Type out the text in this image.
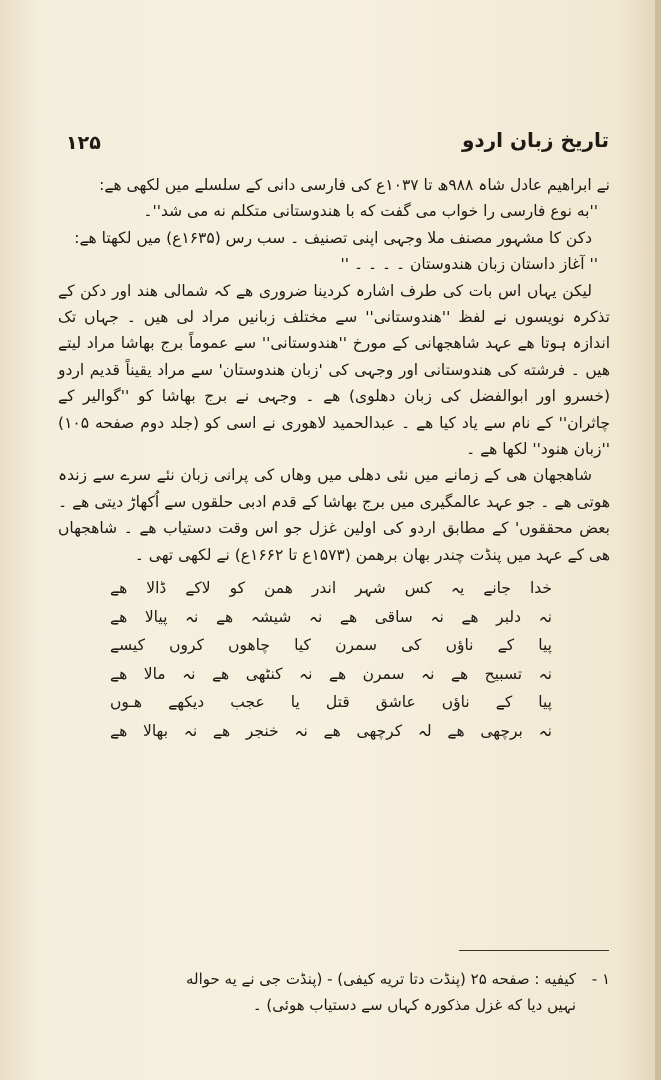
۱۲۵	تاریخ زبان اردو

نے ابراهیم عادل شاہ ۹۸۸ھ تا ۱۰۳۷ع کی فارسی دانی کے سلسلے میں لکھی هے:

''به نوع فارسی را خواب می گفت که با هندوستانی متکلم نه می شد''۔

دکن کا مشہور مصنف ملا وجہی اپنی تصنیف ۔ سب رس (۱۶۳۵ع) میں لکھتا هے:

'' آغاز داستان زبان هندوستان ۔ ۔ ۔ ۔ ''

لیکن یہاں اس بات کی طرف اشارہ کردینا ضروری هے کہ شمالی هند اور دکن کے تذکرہ نویسوں نے لفظ ''هندوستانی'' سے مختلف زبانیں مراد لی هیں ۔ جہاں تک اندازہ ہوتا هے عہد شاهجهانی کے مورخ ''هندوستانی'' سے عموماً برج بھاشا مراد لیتے هیں ۔ فرشته کی هندوستانی اور وجہی کی 'زبان هندوستان' سے مراد یقیناً قدیم اردو (خسرو اور ابوالفضل کی زبان دهلوی) هے ۔ وجہی نے برج بھاشا کو ''گوالیر کے چاثران'' کے نام سے یاد کیا هے ۔ عبدالحمید لاهوری نے اسی کو (جلد دوم صفحه ۱۰۵) ''زبان هنود'' لکھا هے ۔

شاهجهان هی کے زمانے میں نئی دهلی میں وهاں کی پرانی زبان نئے سرے سے زندہ هوتی هے ۔ جو عہد عالمگیری میں برج بھاشا کے قدم ادبی حلقوں سے اُکھاڑ دیتی هے ۔ بعض محققوں' کے مطابق اردو کی اولین غزل جو اس وقت دستیاب هے ۔ شاهجهاں هی کے عہد میں پنڈت چندر بھان برهمن (۱۵۷۳ع تا ۱۶۶۲ع) نے لکھی تھی ۔

خدا جانے یہ کس شہر اندر همن کو لاکے ڈالا هے
نہ دلبر هے نہ ساقی هے نہ شیشہ هے نہ پیالا هے
پیا کے ناؤں کی سمرن کیا چاهوں کروں کیسے
نہ تسبیح هے نہ سمرن هے نہ کنٹھی هے نہ مالا هے
پیا کے ناؤں عاشق قتل یا عجب دیکھے هـوں
نہ برچھی هے لہ کرچھی هے نہ خنجر هے نہ بھالا هے
۱ -کیفیه : صفحه ۲۵ (پنڈت دتا تریه کیفی) - (پنڈت جی نے یه حواله
نہیں دیا که غزل مذکورہ کہاں سے دستیاب هوئی) ۔
